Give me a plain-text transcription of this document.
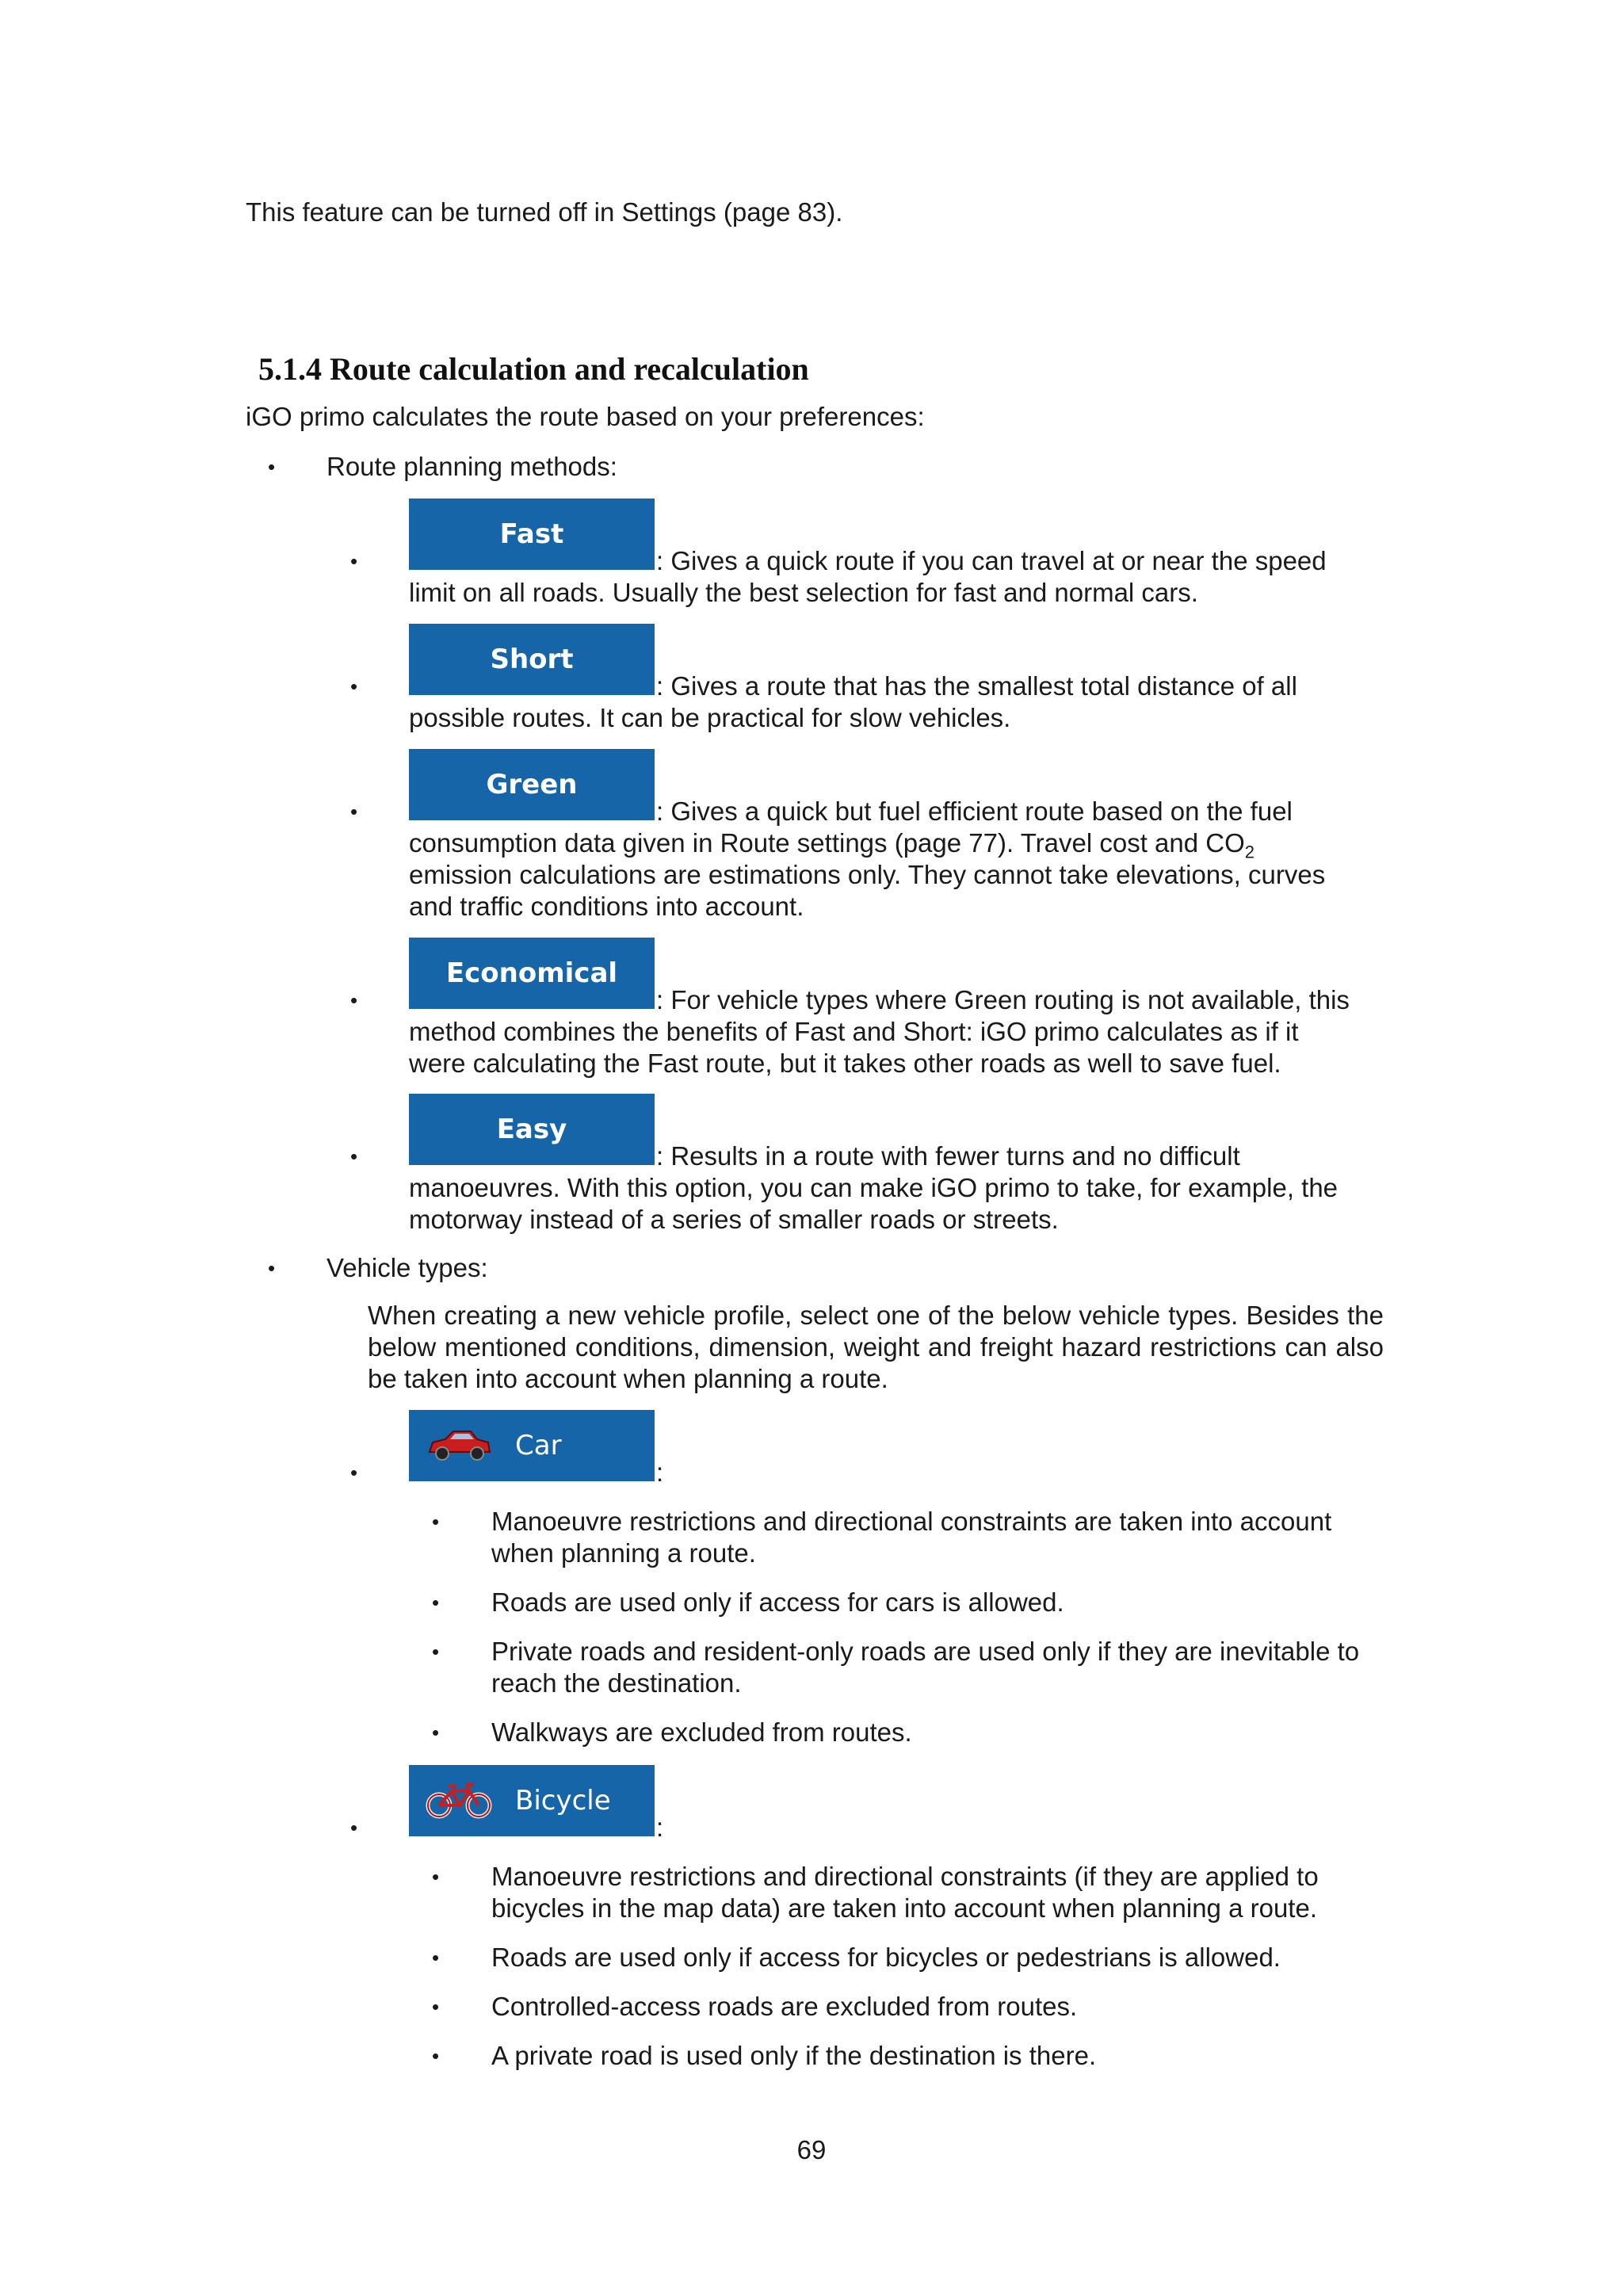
This feature can be turned off in Settings (page 83).

5.1.4 Route calculation and recalculation

iGO primo calculates the route based on your preferences:

• Route planning methods:

•
Fast

: Gives a quick route if you can travel at or near the speed

limit on all roads. Usually the best selection for fast and normal cars.

•
Short

: Gives a route that has the smallest total distance of all

possible routes. It can be practical for slow vehicles.

•
Green

: Gives a quick but fuel efficient route based on the fuel

consumption data given in Route settings (page 77). Travel cost and $CO_2$

emission calculations are estimations only. They cannot take elevations, curves

and traffic conditions into account.

•
Economical

: For vehicle types where Green routing is not available, this

method combines the benefits of Fast and Short: iGO primo calculates as if it

were calculating the Fast route, but it takes other roads as well to save fuel.

•
Easy

: Results in a route with fewer turns and no difficult

manoeuvres. With this option, you can make iGO primo to take, for example, the

motorway instead of a series of smaller roads or streets.

• Vehicle types:

When creating a new vehicle profile, select one of the below vehicle types. Besides the below mentioned conditions, dimension, weight and freight hazard restrictions can also be taken into account when planning a route.

•
Car
:
• Manoeuvre restrictions and directional constraints are taken into account when planning a route.

• Roads are used only if access for cars is allowed.

• Private roads and resident-only roads are used only if they are inevitable to reach the destination.

• Walkways are excluded from routes.

•
Bicycle
:
• Manoeuvre restrictions and directional constraints (if they are applied to bicycles in the map data) are taken into account when planning a route.

• Roads are used only if access for bicycles or pedestrians is allowed.

• Controlled-access roads are excluded from routes.

• A private road is used only if the destination is there.

69
